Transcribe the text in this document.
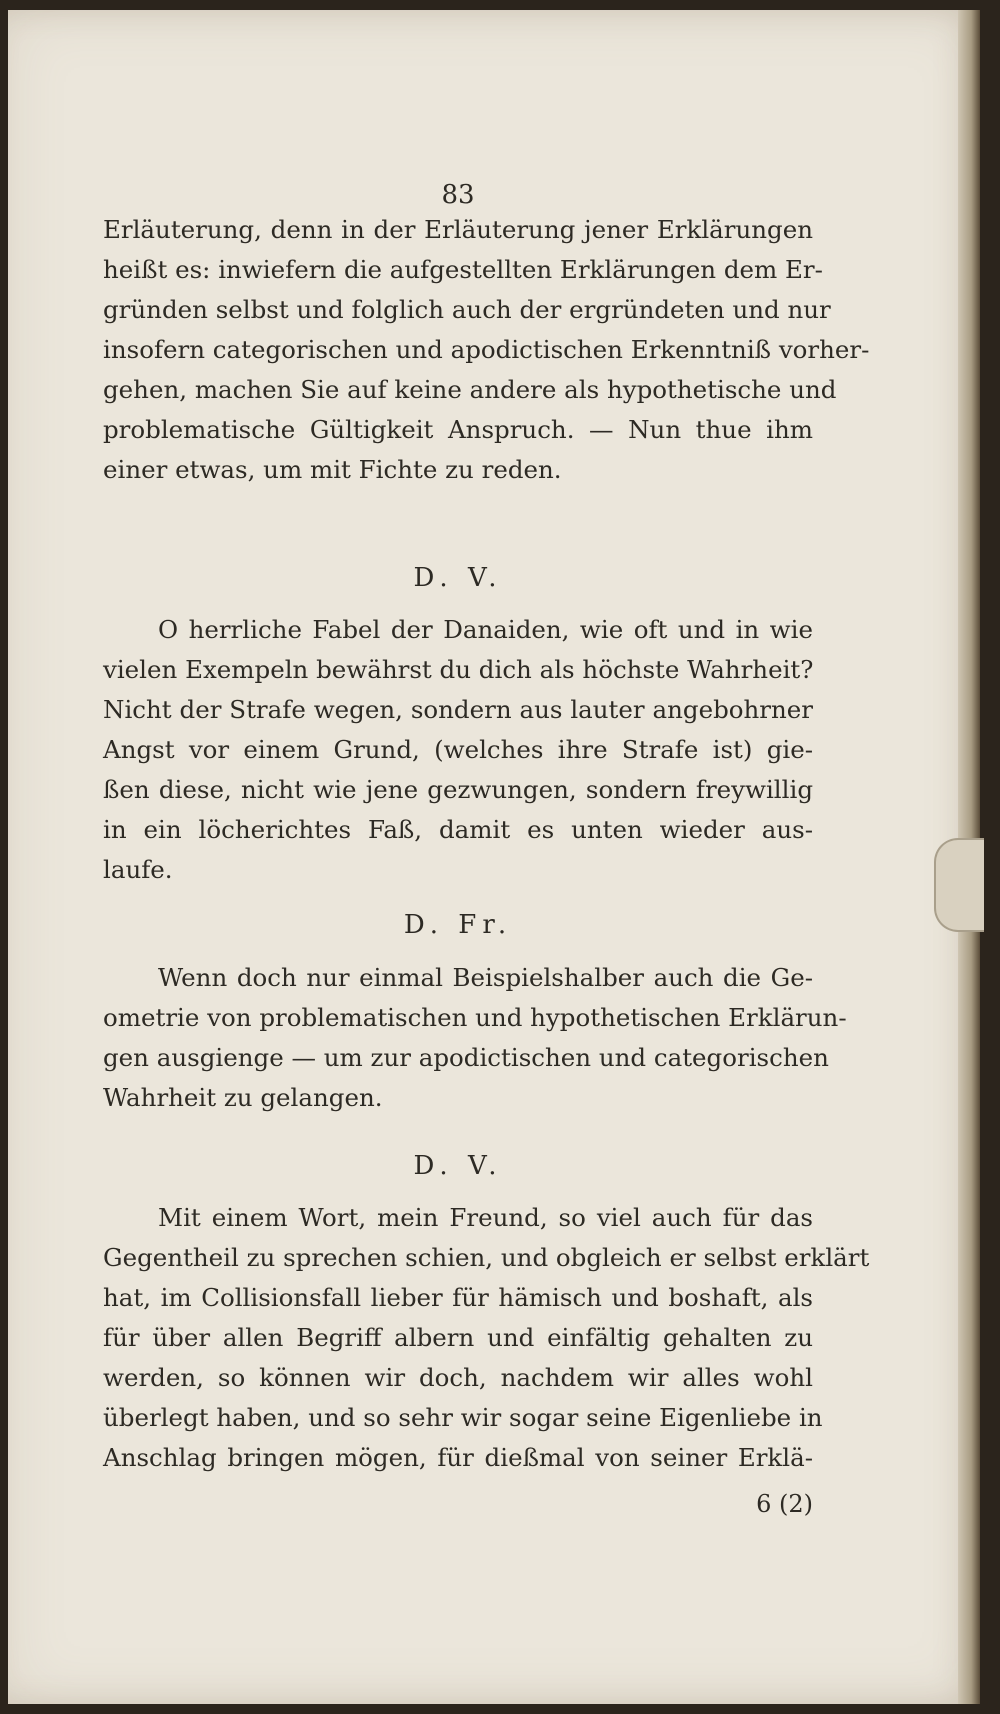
83
Erläuterung, denn in der Erläuterung jener Erklärungen
heißt es: inwiefern die aufgestellten Erklärungen dem Er-
gründen selbst und folglich auch der ergründeten und nur
insofern categorischen und apodictischen Erkenntniß vorher-
gehen, machen Sie auf keine andere als hypothetische und
problematische Gültigkeit Anspruch. — Nun thue ihm
einer etwas, um mit Fichte zu reden.
D. V.
O herrliche Fabel der Danaiden, wie oft und in wie
vielen Exempeln bewährst du dich als höchste Wahrheit?
Nicht der Strafe wegen, sondern aus lauter angebohrner
Angst vor einem Grund, (welches ihre Strafe ist) gie-
ßen diese, nicht wie jene gezwungen, sondern freywillig
in ein löcherichtes Faß, damit es unten wieder aus-
laufe.
D. Fr.
Wenn doch nur einmal Beispielshalber auch die Ge-
ometrie von problematischen und hypothetischen Erklärun-
gen ausgienge — um zur apodictischen und categorischen
Wahrheit zu gelangen.
D. V.
Mit einem Wort, mein Freund, so viel auch für das
Gegentheil zu sprechen schien, und obgleich er selbst erklärt
hat, im Collisionsfall lieber für hämisch und boshaft, als
für über allen Begriff albern und einfältig gehalten zu
werden, so können wir doch, nachdem wir alles wohl
überlegt haben, und so sehr wir sogar seine Eigenliebe in
Anschlag bringen mögen, für dießmal von seiner Erklä-
6 (2)
